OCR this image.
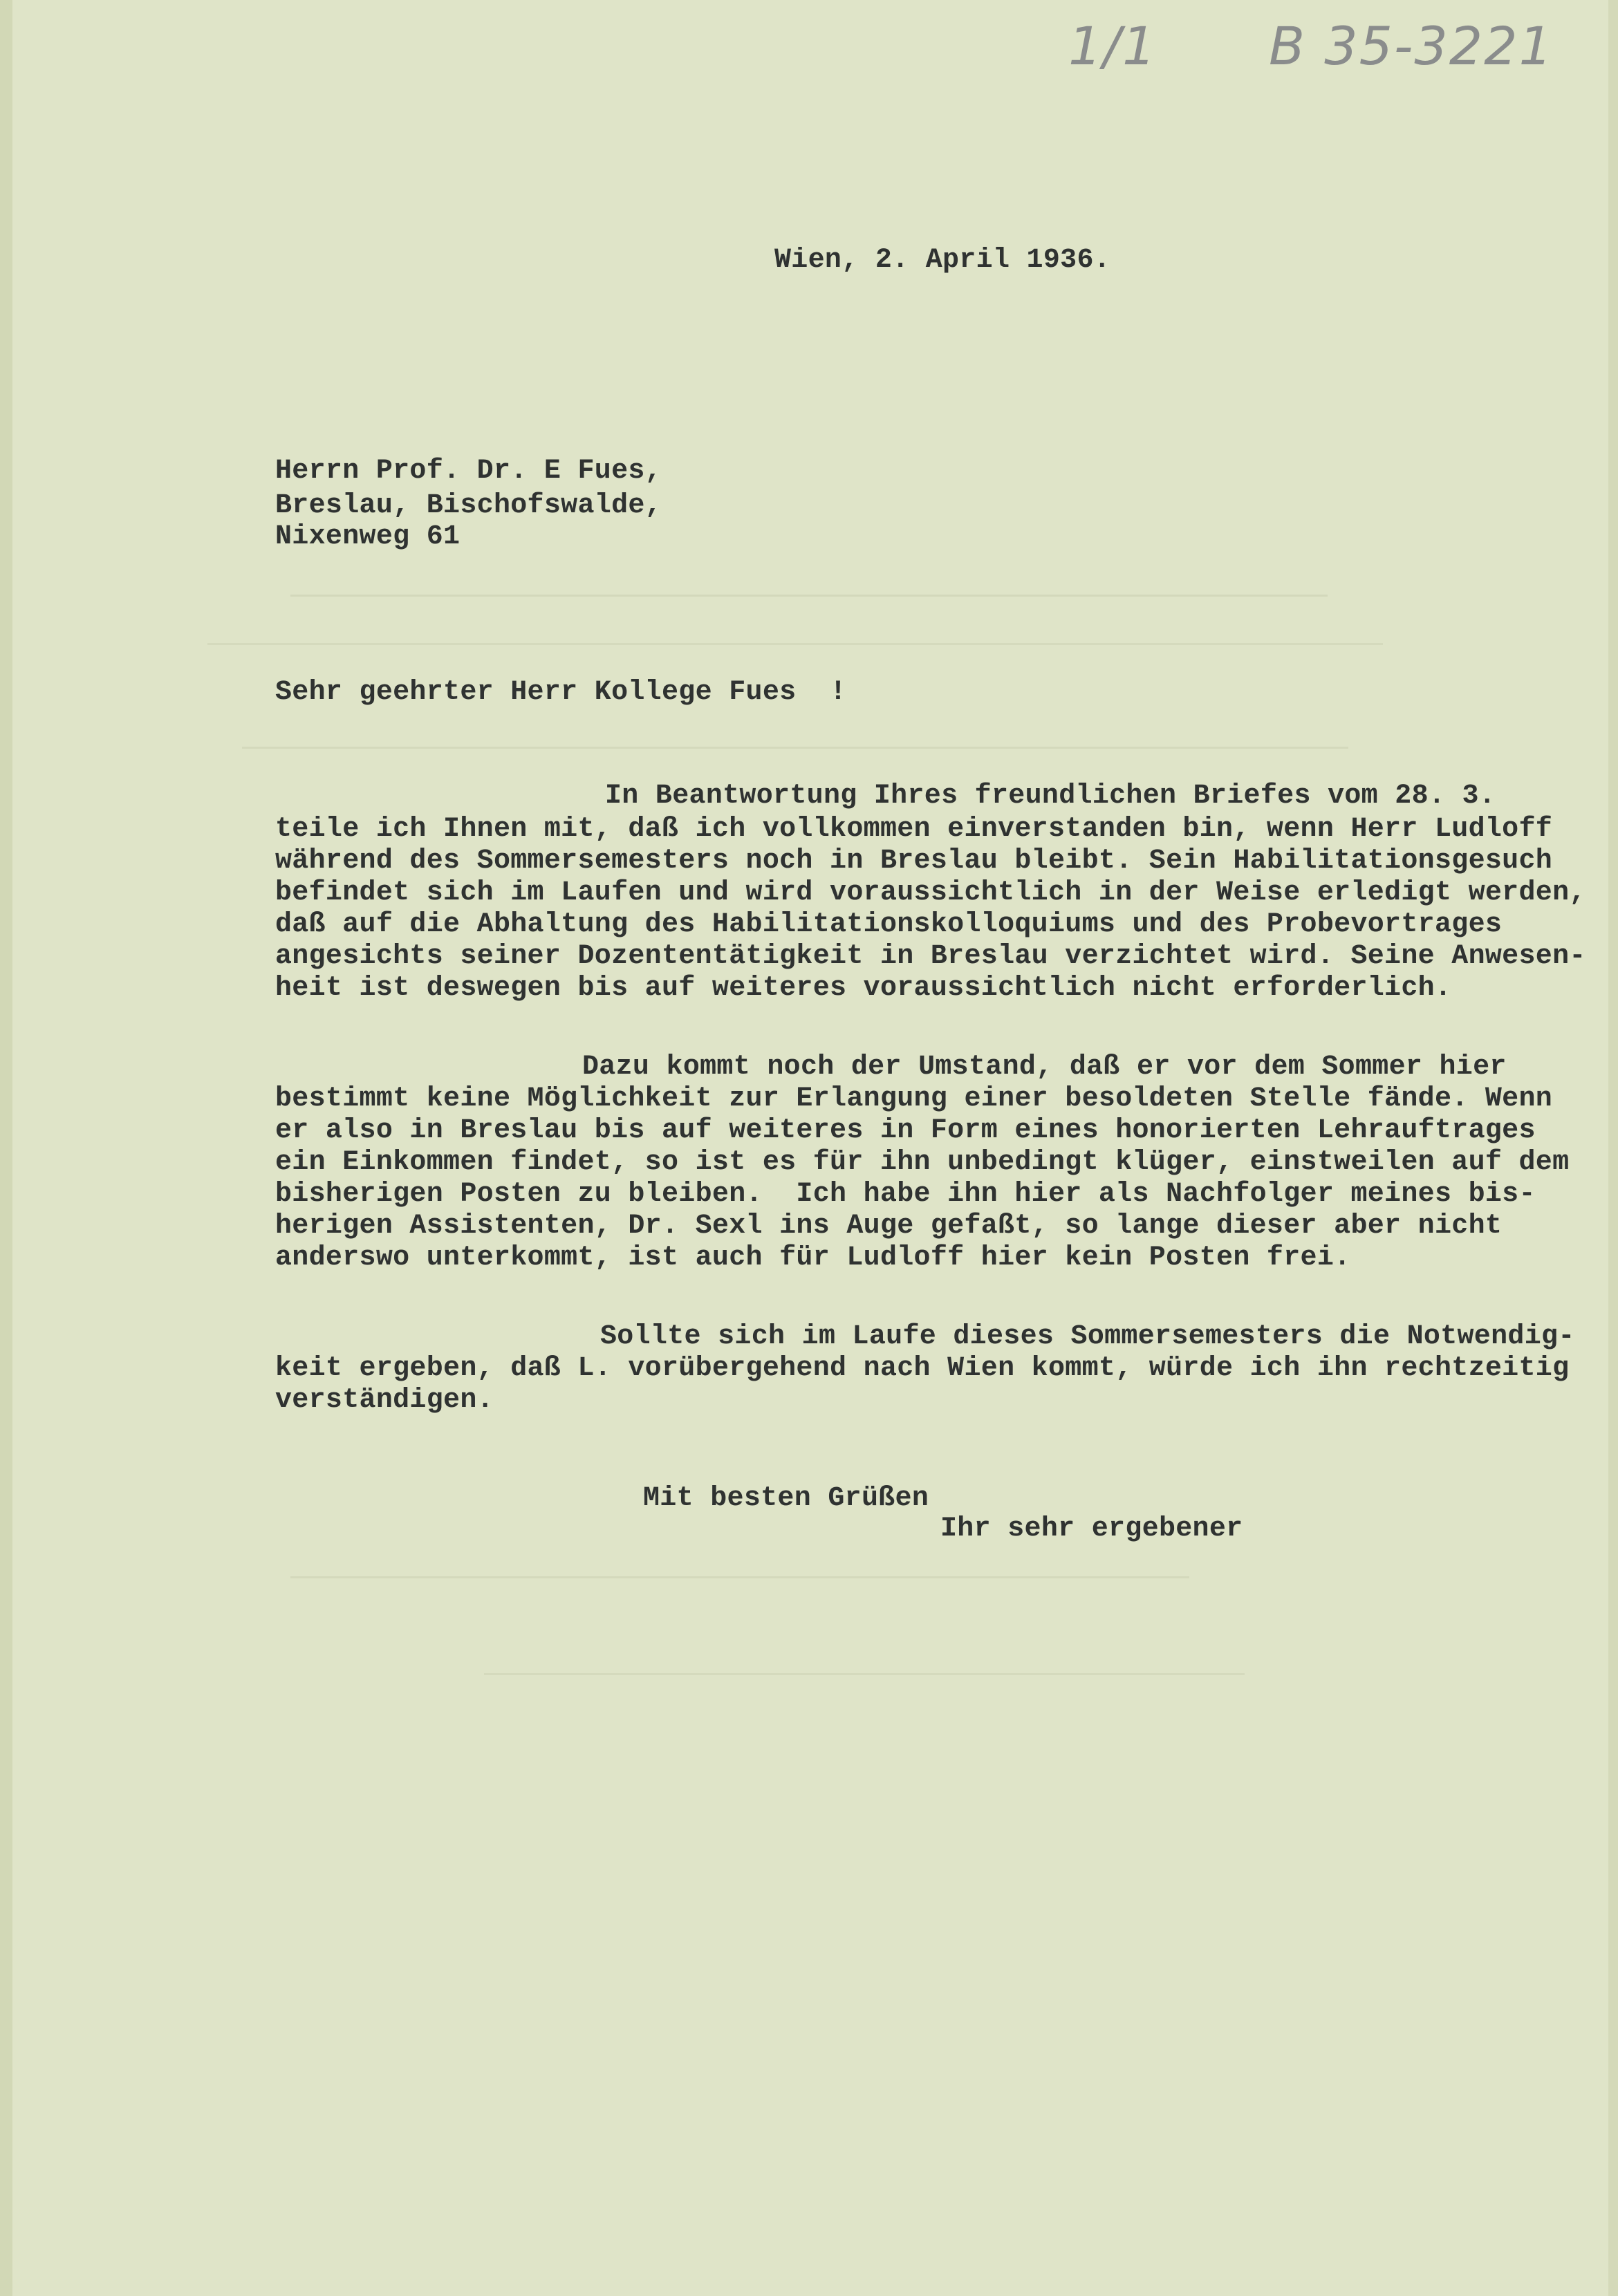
1/1 B 35-3221
Wien, 2. April 1936.
Herrn Prof. Dr. E Fues,
Breslau, Bischofswalde,
Nixenweg 61
Sehr geehrter Herr Kollege Fues  !
In Beantwortung Ihres freundlichen Briefes vom 28. 3.
teile ich Ihnen mit, daß ich vollkommen einverstanden bin, wenn Herr Ludloff
während des Sommersemesters noch in Breslau bleibt. Sein Habilitationsgesuch
befindet sich im Laufen und wird voraussichtlich in der Weise erledigt werden,
daß auf die Abhaltung des Habilitationskolloquiums und des Probevortrages
angesichts seiner Dozententätigkeit in Breslau verzichtet wird. Seine Anwesen-
heit ist deswegen bis auf weiteres voraussichtlich nicht erforderlich.
Dazu kommt noch der Umstand, daß er vor dem Sommer hier
bestimmt keine Möglichkeit zur Erlangung einer besoldeten Stelle fände. Wenn
er also in Breslau bis auf weiteres in Form eines honorierten Lehrauftrages
ein Einkommen findet, so ist es für ihn unbedingt klüger, einstweilen auf dem
bisherigen Posten zu bleiben.  Ich habe ihn hier als Nachfolger meines bis-
herigen Assistenten, Dr. Sexl ins Auge gefaßt, so lange dieser aber nicht
anderswo unterkommt, ist auch für Ludloff hier kein Posten frei.
Sollte sich im Laufe dieses Sommersemesters die Notwendig-
keit ergeben, daß L. vorübergehend nach Wien kommt, würde ich ihn rechtzeitig
verständigen.
Mit besten Grüßen
Ihr sehr ergebener
